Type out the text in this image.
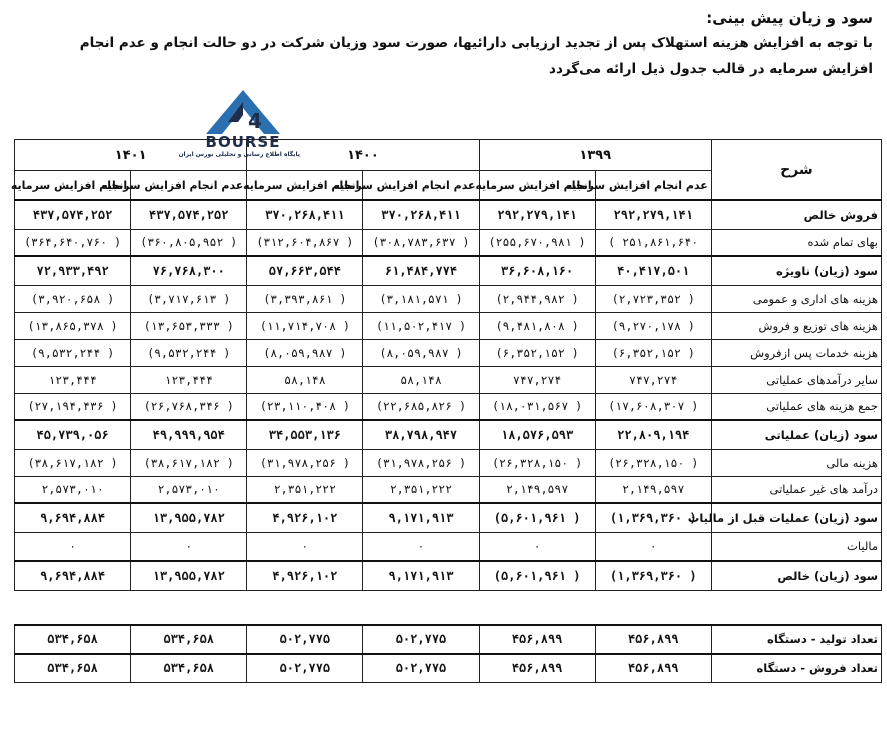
سود و زیان پیش بینی:
با توجه به افزایش هزینه استهلاک پس از تجدید ارزیابی دارائیها، صورت سود وزیان شرکت در دو حالت انجام و عدم انجام
افزایش سرمایه در قالب جدول ذیل ارائه می‌گردد
4
BOURSE
پایگاه اطلاع رسانی و تحلیلی بورس ایران
شرح	۱۳۹۹		۱۴۰۰		۱۴۰۱	
	عدم انجام افزایش سرمایه	انجام افزایش سرمایه	عدم انجام افزایش سرمایه	انجام افزایش سرمایه	عدم انجام افزایش سرمایه	انجام افزایش سرمایه
فروش خالص	۲۹۲,۲۷۹,۱۴۱	۲۹۲,۲۷۹,۱۴۱	۳۷۰,۲۶۸,۴۱۱	۳۷۰,۲۶۸,۴۱۱	۴۳۷,۵۷۴,۲۵۲	۴۳۷,۵۷۴,۲۵۲
بهای تمام شده	( ۲۵۱,۸۶۱,۶۴۰	(۲۵۵,۶۷۰,۹۸۱ )	(۳۰۸,۷۸۳,۶۳۷ )	(۳۱۲,۶۰۴,۸۶۷ )	(۳۶۰,۸۰۵,۹۵۲ )	(۳۶۴,۶۴۰,۷۶۰ )
سود (زیان) ناویژه	۴۰,۴۱۷,۵۰۱	۳۶,۶۰۸,۱۶۰	۶۱,۴۸۴,۷۷۴	۵۷,۶۶۳,۵۴۴	۷۶,۷۶۸,۳۰۰	۷۲,۹۳۳,۴۹۲
هزینه های اداری و عمومی	(۲,۷۲۳,۳۵۲ )	(۲,۹۴۴,۹۸۲ )	(۳,۱۸۱,۵۷۱ )	(۳,۳۹۳,۸۶۱ )	(۳,۷۱۷,۶۱۳ )	(۳,۹۲۰,۶۵۸ )
هزینه های توزیع و فروش	(۹,۲۷۰,۱۷۸ )	(۹,۴۸۱,۸۰۸ )	(۱۱,۵۰۲,۴۱۷ )	(۱۱,۷۱۴,۷۰۸ )	(۱۳,۶۵۳,۳۳۳ )	(۱۳,۸۶۵,۳۷۸ )
هزینه خدمات پس ازفروش	(۶,۳۵۲,۱۵۲ )	(۶,۳۵۲,۱۵۲ )	(۸,۰۵۹,۹۸۷ )	(۸,۰۵۹,۹۸۷ )	(۹,۵۳۲,۲۴۴ )	(۹,۵۳۲,۲۴۴ )
سایر درآمدهای عملیاتی	۷۴۷,۲۷۴	۷۴۷,۲۷۴	۵۸,۱۴۸	۵۸,۱۴۸	۱۲۳,۴۴۴	۱۲۳,۴۴۴
جمع هزینه های عملیاتی	(۱۷,۶۰۸,۳۰۷ )	(۱۸,۰۳۱,۵۶۷ )	(۲۲,۶۸۵,۸۲۶ )	(۲۳,۱۱۰,۴۰۸ )	(۲۶,۷۶۸,۳۴۶ )	(۲۷,۱۹۴,۴۳۶ )
سود (زیان) عملیاتی	۲۲,۸۰۹,۱۹۴	۱۸,۵۷۶,۵۹۳	۳۸,۷۹۸,۹۴۷	۳۴,۵۵۳,۱۳۶	۴۹,۹۹۹,۹۵۴	۴۵,۷۳۹,۰۵۶
هزینه مالی	(۲۶,۳۲۸,۱۵۰ )	(۲۶,۳۲۸,۱۵۰ )	(۳۱,۹۷۸,۲۵۶ )	(۳۱,۹۷۸,۲۵۶ )	(۳۸,۶۱۷,۱۸۲ )	(۳۸,۶۱۷,۱۸۲ )
درآمد های غیر عملیاتی	۲,۱۴۹,۵۹۷	۲,۱۴۹,۵۹۷	۲,۳۵۱,۲۲۲	۲,۳۵۱,۲۲۲	۲,۵۷۳,۰۱۰	۲,۵۷۳,۰۱۰
سود (زیان) عملیات قبل از مالیات	(۱,۳۶۹,۳۶۰ )	(۵,۶۰۱,۹۶۱ )	۹,۱۷۱,۹۱۳	۴,۹۲۶,۱۰۲	۱۳,۹۵۵,۷۸۲	۹,۶۹۴,۸۸۴
مالیات	۰	۰	۰	۰	۰	۰
سود (زیان) خالص	(۱,۳۶۹,۳۶۰ )	(۵,۶۰۱,۹۶۱ )	۹,۱۷۱,۹۱۳	۴,۹۲۶,۱۰۲	۱۳,۹۵۵,۷۸۲	۹,۶۹۴,۸۸۴

تعداد تولید - دستگاه	۴۵۶,۸۹۹	۴۵۶,۸۹۹	۵۰۲,۷۷۵	۵۰۲,۷۷۵	۵۳۴,۶۵۸	۵۳۴,۶۵۸
تعداد فروش - دستگاه	۴۵۶,۸۹۹	۴۵۶,۸۹۹	۵۰۲,۷۷۵	۵۰۲,۷۷۵	۵۳۴,۶۵۸	۵۳۴,۶۵۸
